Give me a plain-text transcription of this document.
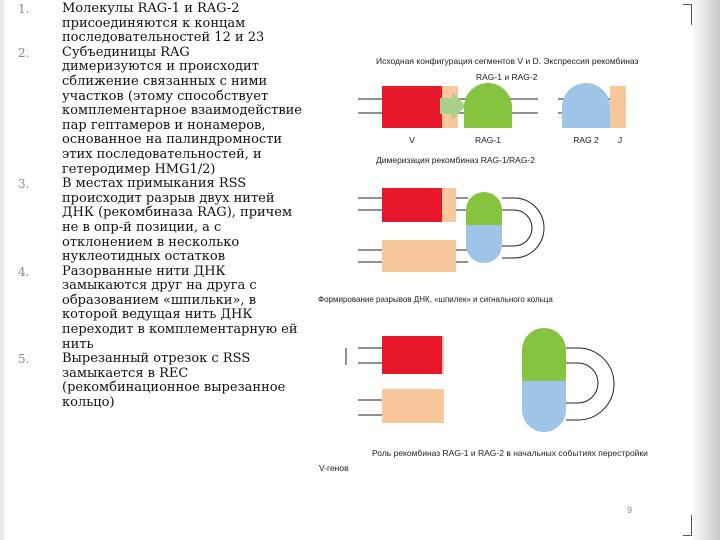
1.	Молекулы RAG-1 и RAG-2
присоединяются к концам
последовательностей 12 и 23
2.	Субъединицы RAG
димеризуются и происходит
сближение связанных с ними
участков (этому способствует
комплементарное взаимодействие
пар гептамеров и нонамеров,
основанное на палиндромности
этих последовательностей, и
гетеродимер HMG1/2)
3.	В местах примыкания RSS
происходит разрыв двух нитей
ДНК (рекомбиназа RAG), причем
не в опр-й позиции, а с
отклонением в несколько
нуклеотидных остатков
4.	Разорванные нити ДНК
замыкаются друг на друга с
образованием «шпильки», в
которой ведущая нить ДНК
переходит в комплементарную ей
нить
5.	Вырезанный отрезок с RSS
замыкается в REC
(рекомбинационное вырезанное
кольцо)
Исходная конфигурация сегментов V и D. Экспрессия рекомбиназ
RAG-1 и RAG-2
V	RAG-1	RAG 2 J
Димеризация рекомбиназ RAG-1/RAG-2
Формирование разрывов ДНК, «шпилек» и сигнального кольца
Роль рекомбиназ RAG-1 и RAG-2 в начальных событиях перестройки
V-генов
9
